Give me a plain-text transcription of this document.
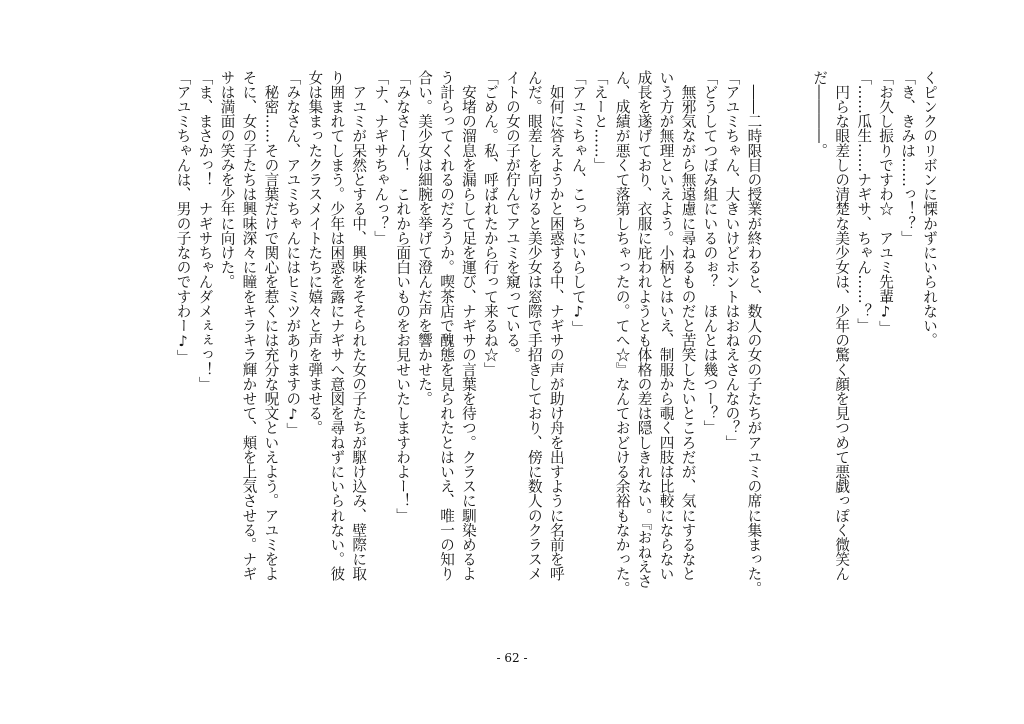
くピンクのリボンに慄かずにいられない。
「き、きみは……っ！？」
「お久し振りですわ☆　アユミ先輩♪」
「……瓜生……ナギサ、ちゃん……？」
　円らな眼差しの清楚な美少女は、少年の驚く顔を見つめて悪戯っぽく微笑ん
だ――――。

　――二時限目の授業が終わると、数人の女の子たちがアユミの席に集まった。
「アユミちゃん、大きいけどホントはおねえさんなの？」
「どうしてつぼみ組にいるのぉ？　ほんとは幾つー？」
　無邪気ながら無遠慮に尋ねるものだと苦笑したいところだが、気にするなと
いう方が無理といえよう。小柄とはいえ、制服から覗く四肢は比較にならない
成長を遂げており、衣服に庇われようとも体格の差は隠しきれない。『おねえさ
ん、成績が悪くて落第しちゃったの。てへ☆』なんておどける余裕もなかった。
「えーと……」
「アユミちゃん、こっちにいらして♪」
　如何に答えようかと困惑する中、ナギサの声が助け舟を出すように名前を呼
んだ。眼差しを向けると美少女は窓際で手招きしており、傍に数人のクラスメ
イトの女の子が佇んでアユミを窺っている。
「ごめん。私、呼ばれたから行って来るね☆」
　安堵の溜息を漏らして足を運び、ナギサの言葉を待つ。クラスに馴染めるよ
う計らってくれるのだろうか。喫茶店で醜態を見られたとはいえ、唯一の知り
合い。美少女は細腕を挙げて澄んだ声を響かせた。
「みなさーん！　これから面白いものをお見せいたしますわよー！」
「ナ、ナギサちゃんっ？」
　アユミが呆然とする中、興味をそそられた女の子たちが駆け込み、壁際に取
り囲まれてしまう。少年は困惑を露にナギサへ意図を尋ねずにいられない。彼
女は集まったクラスメイトたちに嬉々と声を弾ませる。
「みなさん、アユミちゃんにはヒミツがありますの♪」
　秘密……その言葉だけで関心を惹くには充分な呪文といえよう。アユミをよ
そに、女の子たちは興味深々に瞳をキラキラ輝かせて、頬を上気させる。ナギ
サは満面の笑みを少年に向けた。
「ま、まさかっ！　ナギサちゃんダメぇぇっ！」
「アユミちゃんは、男の子なのですわー♪」
- 62 -
